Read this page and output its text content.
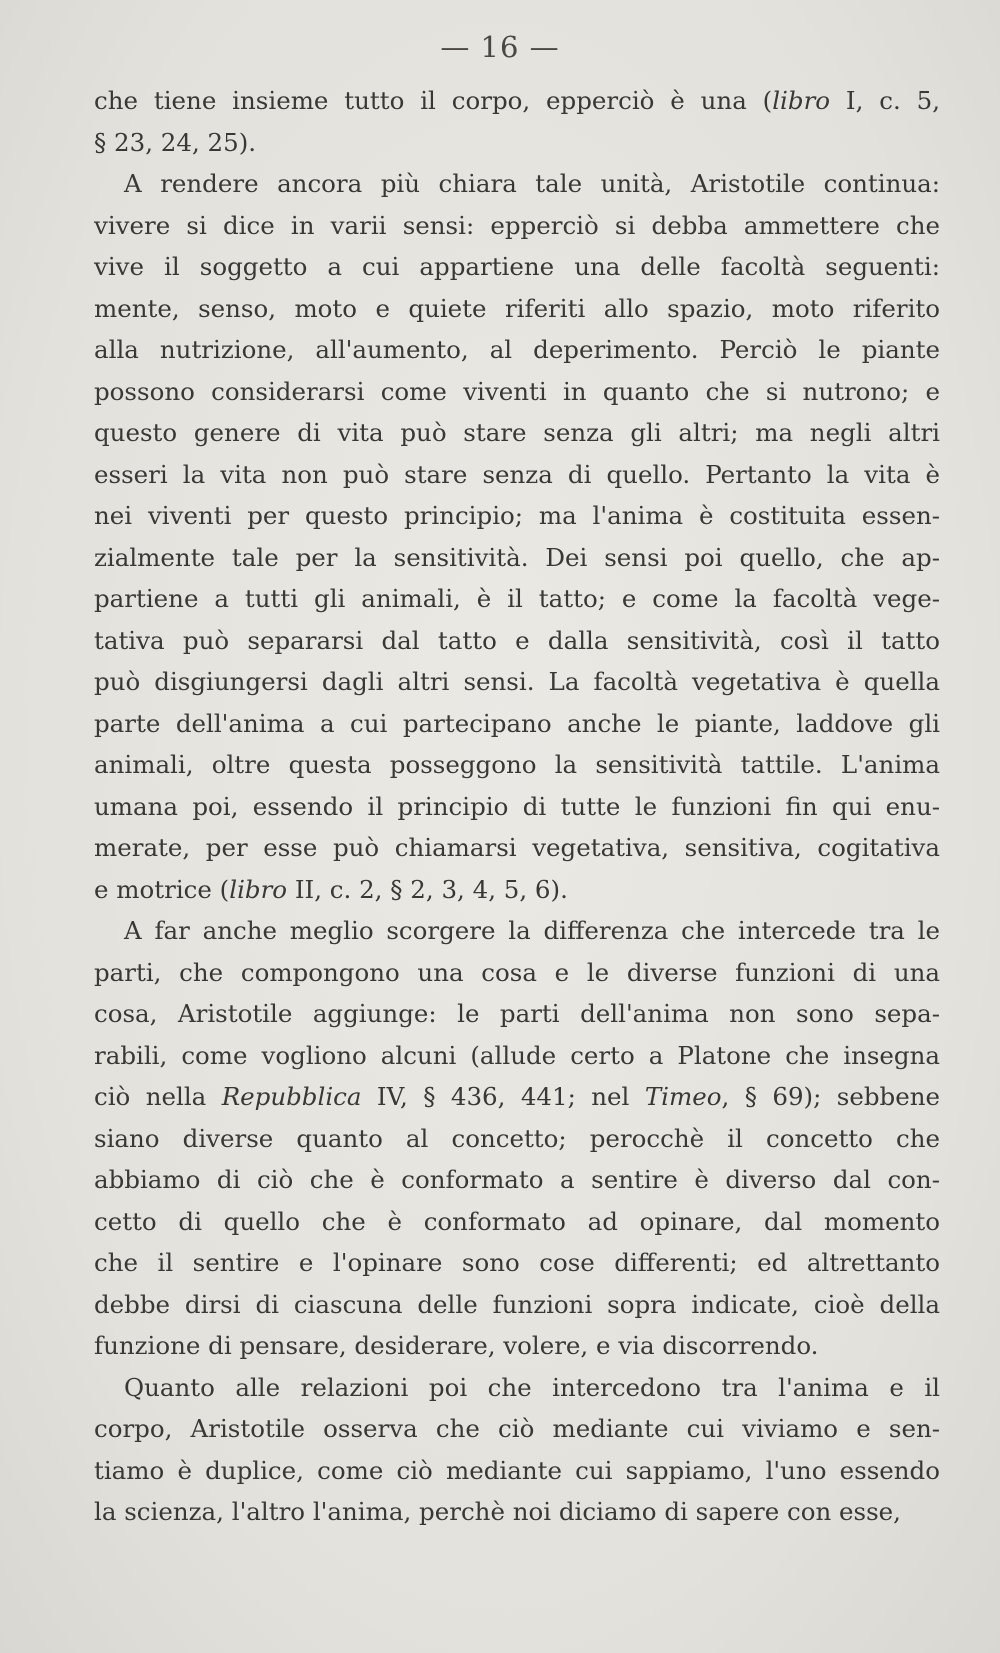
— 16 —
che tiene insieme tutto il corpo, epperciò è una (libro I, c. 5,
§ 23, 24, 25).
A rendere ancora più chiara tale unità, Aristotile continua:
vivere si dice in varii sensi: epperciò si debba ammettere che
vive il soggetto a cui appartiene una delle facoltà seguenti:
mente, senso, moto e quiete riferiti allo spazio, moto riferito
alla nutrizione, all'aumento, al deperimento. Perciò le piante
possono considerarsi come viventi in quanto che si nutrono; e
questo genere di vita può stare senza gli altri; ma negli altri
esseri la vita non può stare senza di quello. Pertanto la vita è
nei viventi per questo principio; ma l'anima è costituita essen-
zialmente tale per la sensitività. Dei sensi poi quello, che ap-
partiene a tutti gli animali, è il tatto; e come la facoltà vege-
tativa può separarsi dal tatto e dalla sensitività, così il tatto
può disgiungersi dagli altri sensi. La facoltà vegetativa è quella
parte dell'anima a cui partecipano anche le piante, laddove gli
animali, oltre questa posseggono la sensitività tattile. L'anima
umana poi, essendo il principio di tutte le funzioni fin qui enu-
merate, per esse può chiamarsi vegetativa, sensitiva, cogitativa
e motrice (libro II, c. 2, § 2, 3, 4, 5, 6).
A far anche meglio scorgere la differenza che intercede tra le
parti, che compongono una cosa e le diverse funzioni di una
cosa, Aristotile aggiunge: le parti dell'anima non sono sepa-
rabili, come vogliono alcuni (allude certo a Platone che insegna
ciò nella Repubblica IV, § 436, 441; nel Timeo, § 69); sebbene
siano diverse quanto al concetto; perocchè il concetto che
abbiamo di ciò che è conformato a sentire è diverso dal con-
cetto di quello che è conformato ad opinare, dal momento
che il sentire e l'opinare sono cose differenti; ed altrettanto
debbe dirsi di ciascuna delle funzioni sopra indicate, cioè della
funzione di pensare, desiderare, volere, e via discorrendo.
Quanto alle relazioni poi che intercedono tra l'anima e il
corpo, Aristotile osserva che ciò mediante cui viviamo e sen-
tiamo è duplice, come ciò mediante cui sappiamo, l'uno essendo
la scienza, l'altro l'anima, perchè noi diciamo di sapere con esse,
